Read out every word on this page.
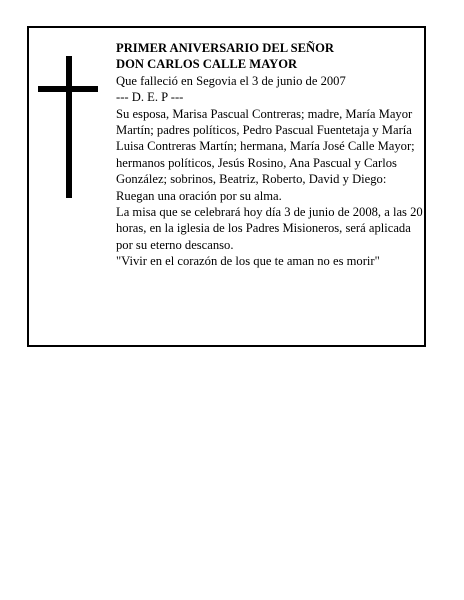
PRIMER ANIVERSARIO DEL SEÑOR

DON CARLOS CALLE MAYOR

Que falleció en Segovia el 3 de junio de 2007

--- D. E. P ---

Su esposa, Marisa Pascual Contreras; madre, María Mayor Martín; padres políticos, Pedro Pascual Fuentetaja y María Luisa Contreras Martín; hermana, María José Calle Mayor; hermanos políticos, Jesús Rosino, Ana Pascual y Carlos González; sobrinos, Beatriz, Roberto, David y Diego:

Ruegan una oración por su alma.

La misa que se celebrará hoy día 3 de junio de 2008, a las 20 horas, en la iglesia de los Padres Misioneros, será aplicada por su eterno descanso.

"Vivir en el corazón de los que te aman no es morir"
